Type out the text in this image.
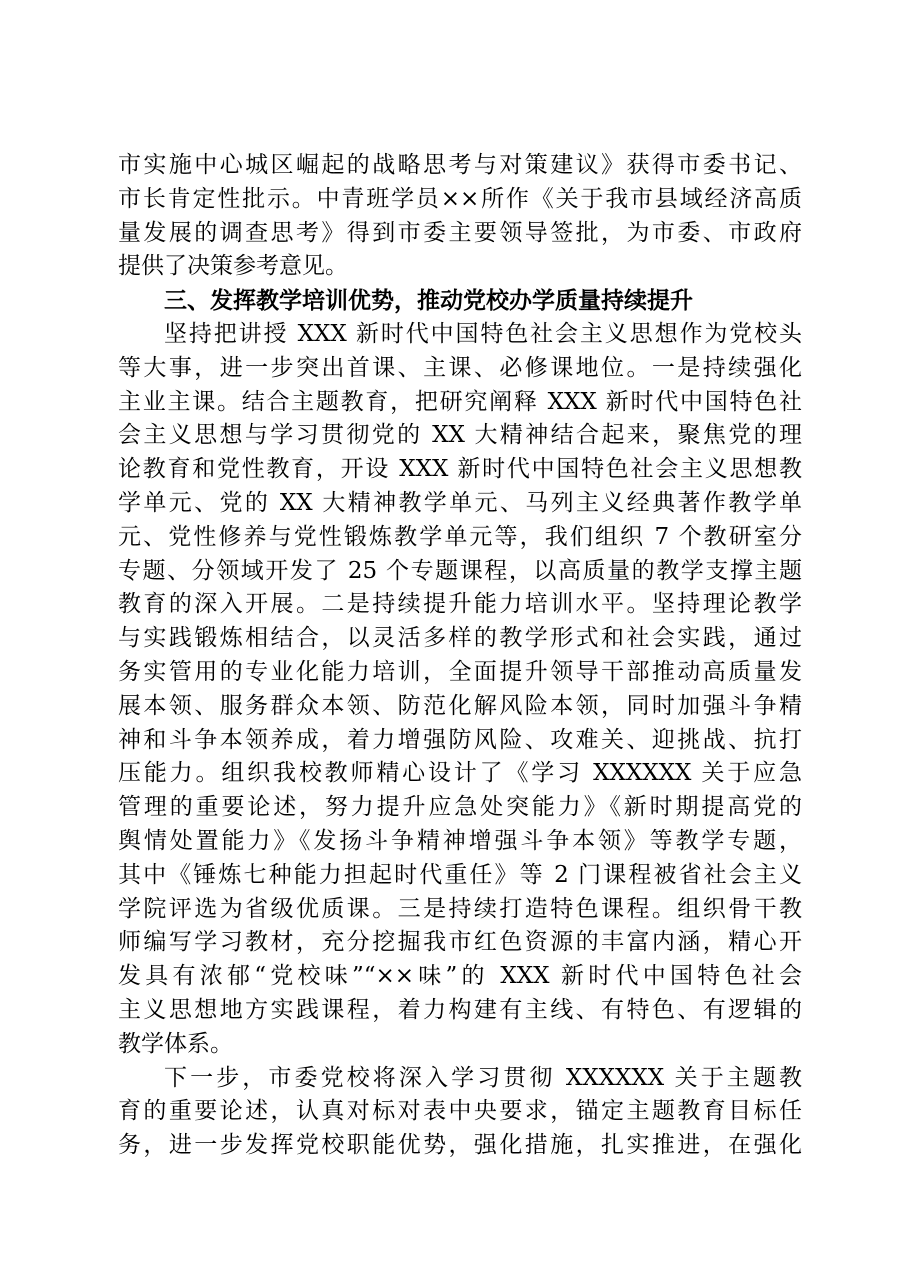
市实施中心城区崛起的战略思考与对策建议》获得市委书记、
市长肯定性批示。中青班学员××所作《关于我市县域经济高质
量发展的调查思考》得到市委主要领导签批，为市委、市政府
提供了决策参考意见。
三、发挥教学培训优势，推动党校办学质量持续提升
坚持把讲授 XXX 新时代中国特色社会主义思想作为党校头
等大事，进一步突出首课、主课、必修课地位。一是持续强化
主业主课。结合主题教育，把研究阐释 XXX 新时代中国特色社
会主义思想与学习贯彻党的 XX 大精神结合起来，聚焦党的理
论教育和党性教育，开设 XXX 新时代中国特色社会主义思想教
学单元、党的 XX 大精神教学单元、马列主义经典著作教学单
元、党性修养与党性锻炼教学单元等，我们组织 7 个教研室分
专题、分领域开发了 25 个专题课程，以高质量的教学支撑主题
教育的深入开展。二是持续提升能力培训水平。坚持理论教学
与实践锻炼相结合，以灵活多样的教学形式和社会实践，通过
务实管用的专业化能力培训，全面提升领导干部推动高质量发
展本领、服务群众本领、防范化解风险本领，同时加强斗争精
神和斗争本领养成，着力增强防风险、攻难关、迎挑战、抗打
压能力。组织我校教师精心设计了《学习 XXXXXX 关于应急
管理的重要论述，努力提升应急处突能力》《新时期提高党的
舆情处置能力》《发扬斗争精神增强斗争本领》等教学专题，
其中《锤炼七种能力担起时代重任》等 2 门课程被省社会主义
学院评选为省级优质课。三是持续打造特色课程。组织骨干教
师编写学习教材，充分挖掘我市红色资源的丰富内涵，精心开
发具有浓郁“党校味”“××味”的 XXX 新时代中国特色社会
主义思想地方实践课程，着力构建有主线、有特色、有逻辑的
教学体系。
下一步，市委党校将深入学习贯彻 XXXXXX 关于主题教
育的重要论述，认真对标对表中央要求，锚定主题教育目标任
务，进一步发挥党校职能优势，强化措施，扎实推进，在强化
